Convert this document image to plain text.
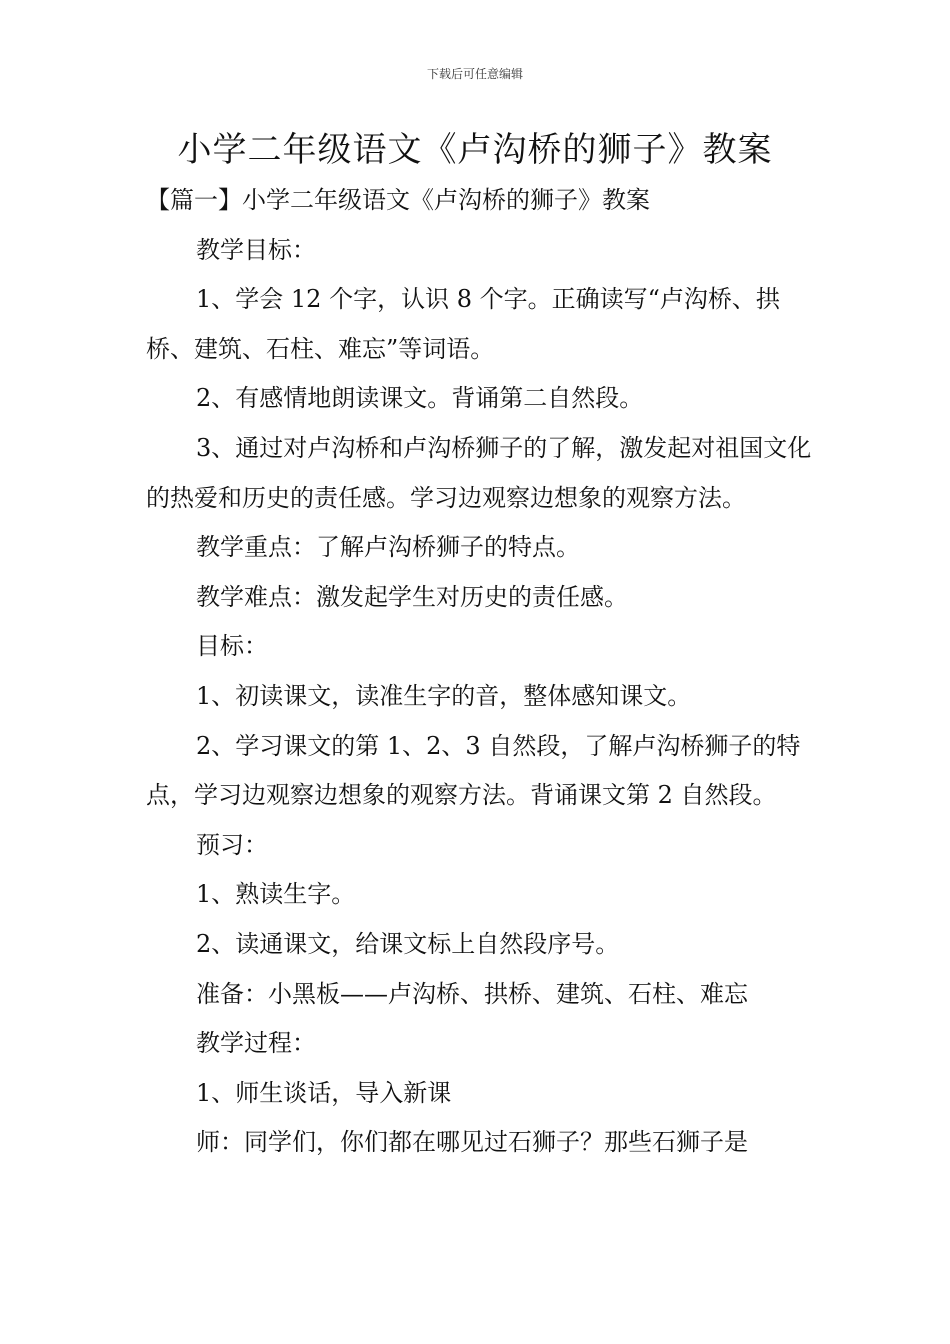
下载后可任意编辑
小学二年级语文《卢沟桥的狮子》教案

【篇一】小学二年级语文《卢沟桥的狮子》教案

教学目标：

1、学会 12 个字，认识 8 个字。正确读写“卢沟桥、拱桥、建筑、石柱、难忘”等词语。

2、有感情地朗读课文。背诵第二自然段。

3、通过对卢沟桥和卢沟桥狮子的了解，激发起对祖国文化的热爱和历史的责任感。学习边观察边想象的观察方法。

教学重点：了解卢沟桥狮子的特点。

教学难点：激发起学生对历史的责任感。

目标：

1、初读课文，读准生字的音，整体感知课文。

2、学习课文的第 1、2、3 自然段，了解卢沟桥狮子的特点，学习边观察边想象的观察方法。背诵课文第 2 自然段。

预习：

1、熟读生字。

2、读通课文，给课文标上自然段序号。

准备：小黑板——卢沟桥、拱桥、建筑、石柱、难忘

教学过程：

1、师生谈话，导入新课

师：同学们，你们都在哪见过石狮子？那些石狮子是
